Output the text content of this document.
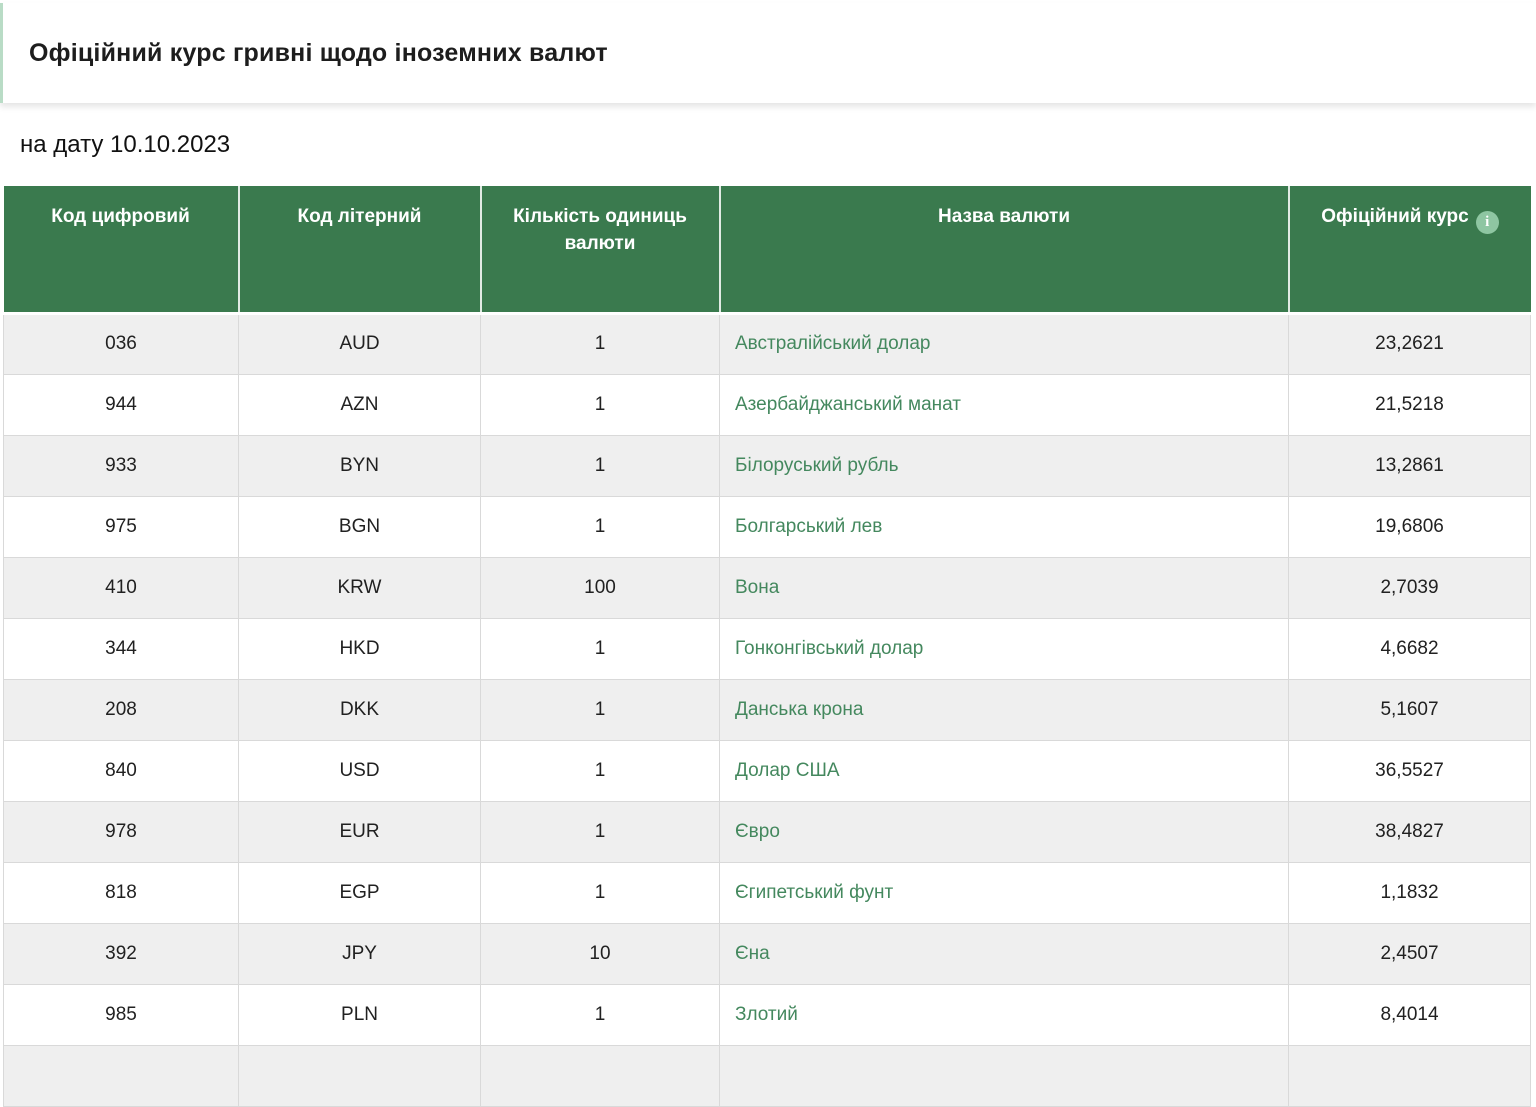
Офіційний курс гривні щодо іноземних валют
на дату 10.10.2023
Код цифровий	Код літерний	Кількість одиниць валюти	Назва валюти	Офіційний курс i
036	AUD	1	Австралійський долар	23,2621
944	AZN	1	Азербайджанський манат	21,5218
933	BYN	1	Білоруський рубль	13,2861
975	BGN	1	Болгарський лев	19,6806
410	KRW	100	Вона	2,7039
344	HKD	1	Гонконгівський долар	4,6682
208	DKK	1	Данська крона	5,1607
840	USD	1	Долар США	36,5527
978	EUR	1	Євро	38,4827
818	EGP	1	Єгипетський фунт	1,1832
392	JPY	10	Єна	2,4507
985	PLN	1	Злотий	8,4014
